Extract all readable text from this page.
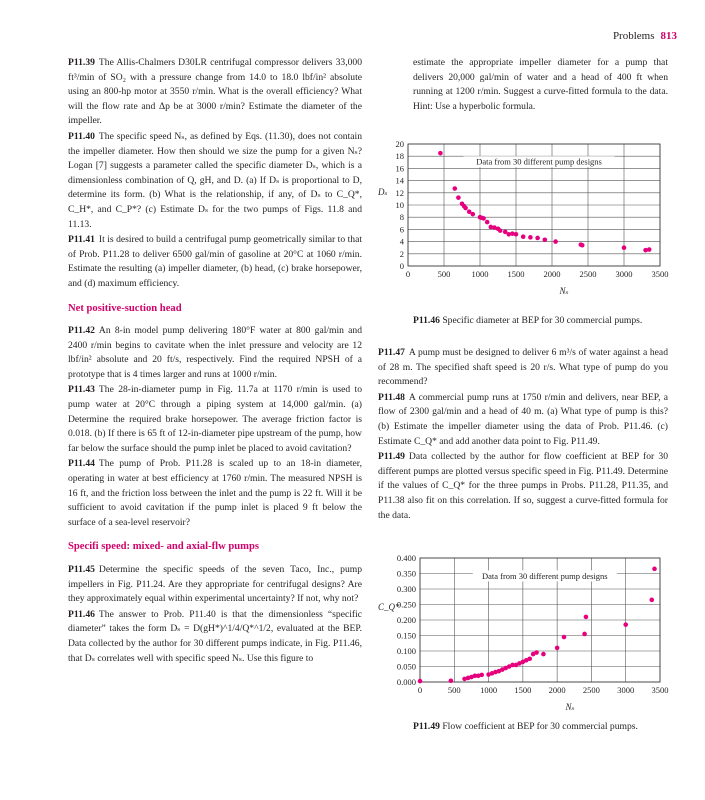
Problems 813
P11.39 The Allis-Chalmers D30LR centrifugal compressor delivers 33,000 ft³/min of SO₂ with a pressure change from 14.0 to 18.0 lbf/in² absolute using an 800-hp motor at 3550 r/min. What is the overall efficiency? What will the flow rate and Δp be at 3000 r/min? Estimate the diameter of the impeller.
P11.40 The specific speed Nₛ, as defined by Eqs. (11.30), does not contain the impeller diameter. How then should we size the pump for a given Nₛ? Logan [7] suggests a parameter called the specific diameter Dₛ, which is a dimensionless combination of Q, gH, and D. (a) If Dₛ is proportional to D, determine its form. (b) What is the relationship, if any, of Dₛ to C_Q*, C_H*, and C_P*? (c) Estimate Dₛ for the two pumps of Figs. 11.8 and 11.13.
P11.41 It is desired to build a centrifugal pump geometrically similar to that of Prob. P11.28 to deliver 6500 gal/min of gasoline at 20°C at 1060 r/min. Estimate the resulting (a) impeller diameter, (b) head, (c) brake horsepower, and (d) maximum efficiency.
Net positive-suction head
P11.42 An 8-in model pump delivering 180°F water at 800 gal/min and 2400 r/min begins to cavitate when the inlet pressure and velocity are 12 lbf/in² absolute and 20 ft/s, respectively. Find the required NPSH of a prototype that is 4 times larger and runs at 1000 r/min.
P11.43 The 28-in-diameter pump in Fig. 11.7a at 1170 r/min is used to pump water at 20°C through a piping system at 14,000 gal/min. (a) Determine the required brake horsepower. The average friction factor is 0.018. (b) If there is 65 ft of 12-in-diameter pipe upstream of the pump, how far below the surface should the pump inlet be placed to avoid cavitation?
P11.44 The pump of Prob. P11.28 is scaled up to an 18-in diameter, operating in water at best efficiency at 1760 r/min. The measured NPSH is 16 ft, and the friction loss between the inlet and the pump is 22 ft. Will it be sufficient to avoid cavitation if the pump inlet is placed 9 ft below the surface of a sea-level reservoir?
Specifi speed: mixed- and axial-flw pumps
P11.45 Determine the specific speeds of the seven Taco, Inc., pump impellers in Fig. P11.24. Are they appropriate for centrifugal designs? Are they approximately equal within experimental uncertainty? If not, why not?
P11.46 The answer to Prob. P11.40 is that the dimensionless “specific diameter” takes the form Dₛ = D(gH*)^1/4/Q*^1/2, evaluated at the BEP. Data collected by the author for 30 different pumps indicate, in Fig. P11.46, that Dₛ correlates well with specific speed Nₛ. Use this figure to
estimate the appropriate impeller diameter for a pump that delivers 20,000 gal/min of water and a head of 400 ft when running at 1200 r/min. Suggest a curve-fitted formula to the data. Hint: Use a hyperbolic formula.
0	500 1000 1500 2000 2500 3000 3500
0
2
4
6
8
10
12
14
16
18
20
Data from 30 different pump designs
Nₛ
Dₛ
P11.46 Specific diameter at BEP for 30 commercial pumps.
P11.47 A pump must be designed to deliver 6 m³/s of water against a head of 28 m. The specified shaft speed is 20 r/s. What type of pump do you recommend?
P11.48 A commercial pump runs at 1750 r/min and delivers, near BEP, a flow of 2300 gal/min and a head of 40 m. (a) What type of pump is this? (b) Estimate the impeller diameter using the data of Prob. P11.46. (c) Estimate C_Q* and add another data point to Fig. P11.49.
P11.49 Data collected by the author for flow coefficient at BEP for 30 different pumps are plotted versus specific speed in Fig. P11.49. Determine if the values of C_Q* for the three pumps in Probs. P11.28, P11.35, and P11.38 also fit on this correlation. If so, suggest a curve-fitted formula for the data.
0	500 1000 1500 2000 2500 3000 3500
0.000
0.050
0.100
0.150
0.200
0.250
0.300
0.350
0.400
Data from 30 different pump designs
Nₛ
C_Q*
P11.49 Flow coefficient at BEP for 30 commercial pumps.
